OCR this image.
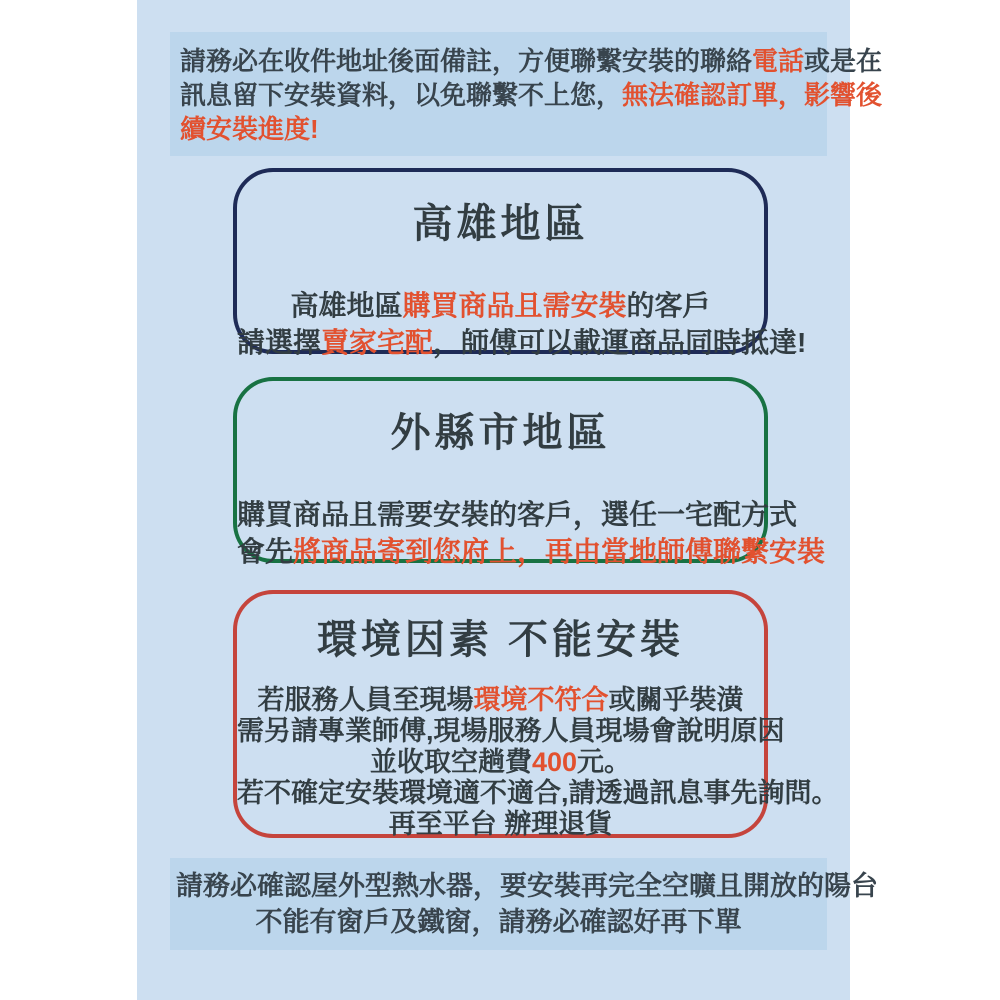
請務必在收件地址後面備註，方便聯繫安裝的聯絡電話或是在
訊息留下安裝資料，以免聯繫不上您，無法確認訂單，影響後
續安裝進度!
高雄地區
高雄地區購買商品且需安裝的客戶
請選擇賣家宅配，師傅可以載運商品同時抵達!
外縣市地區
購買商品且需要安裝的客戶，選任一宅配方式
會先將商品寄到您府上，再由當地師傅聯繫安裝
環境因素 不能安裝
若服務人員至現場環境不符合或關乎裝潢
需另請專業師傅,現場服務人員現場會說明原因
並收取空趟費400元。
若不確定安裝環境適不適合,請透過訊息事先詢問。
再至平台 辦理退貨
請務必確認屋外型熱水器，要安裝再完全空曠且開放的陽台
不能有窗戶及鐵窗，請務必確認好再下單
